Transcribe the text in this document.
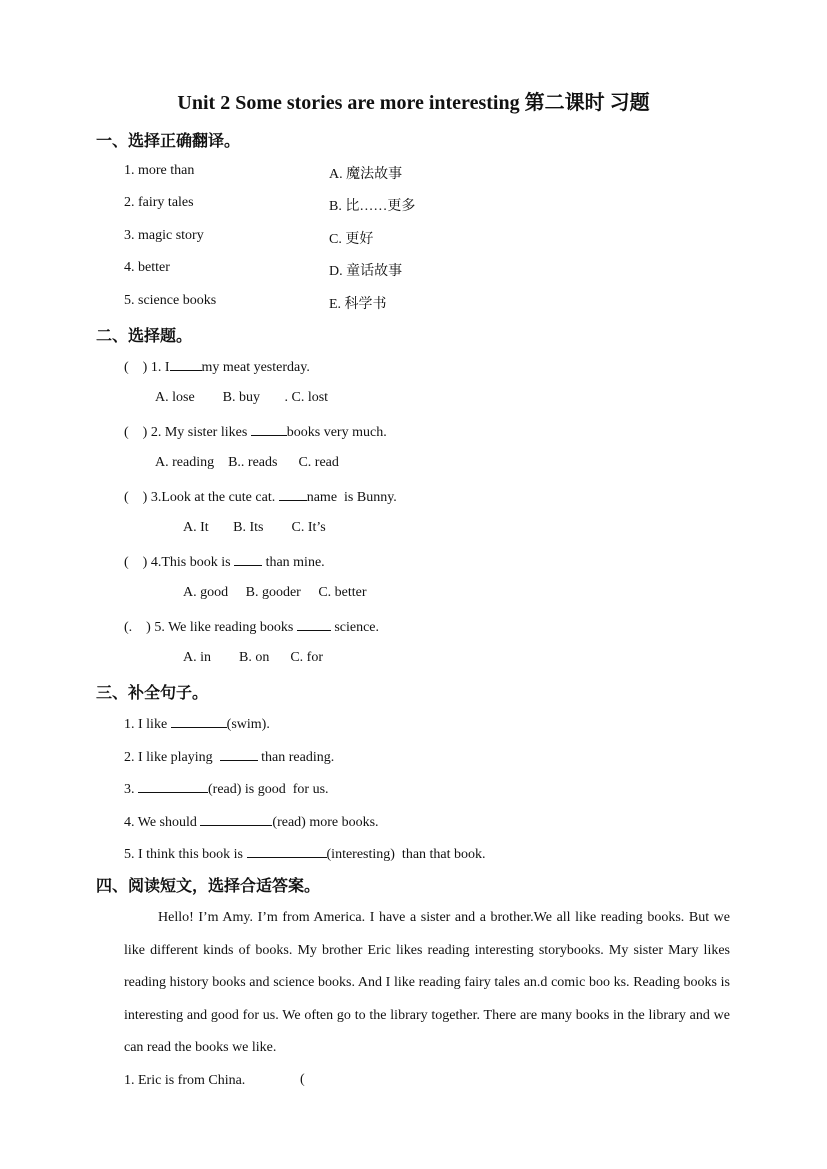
Unit 2 Some stories are more interesting 第二课时 习题
一、选择正确翻译。
1. more than	A. 魔法故事
2. fairy tales	B. 比……更多
3. magic story	C. 更好
4. better	D. 童话故事
5. science books	E. 科学书
二、选择题。
(    ) 1. I my meat yesterday.
A. lose        B. buy       . C. lost
(    ) 2. My sister likes	books very much.
A. reading    B.. reads      C. read
(    ) 3.Look at the cute cat. name  is Bunny.
A. It       B. Its        C. It’s
(    ) 4.This book is  than mine.
A. good     B. gooder     C. better
(.    ) 5. We like reading books  science.
A. in        B. on      C. for
三、补全句子。
1. I like	(swim).
2. I like playing	than reading.
3.	(read) is good  for us.
4. We should	(read) more books.
5. I think this book is	(interesting)  than that book.
四、阅读短文，选择合适答案。
Hello! I’m Amy. I’m from America. I have a sister and a brother.We all like reading books. But we like different kinds of books. My brother Eric likes reading interesting storybooks. My sister Mary likes reading history books and science books. And I like reading fairy tales an.d comic boo ks. Reading books is interesting and good for us. We often go to the library together. There are many books in the library and we can read the books we like.
1. Eric is from China.	(
